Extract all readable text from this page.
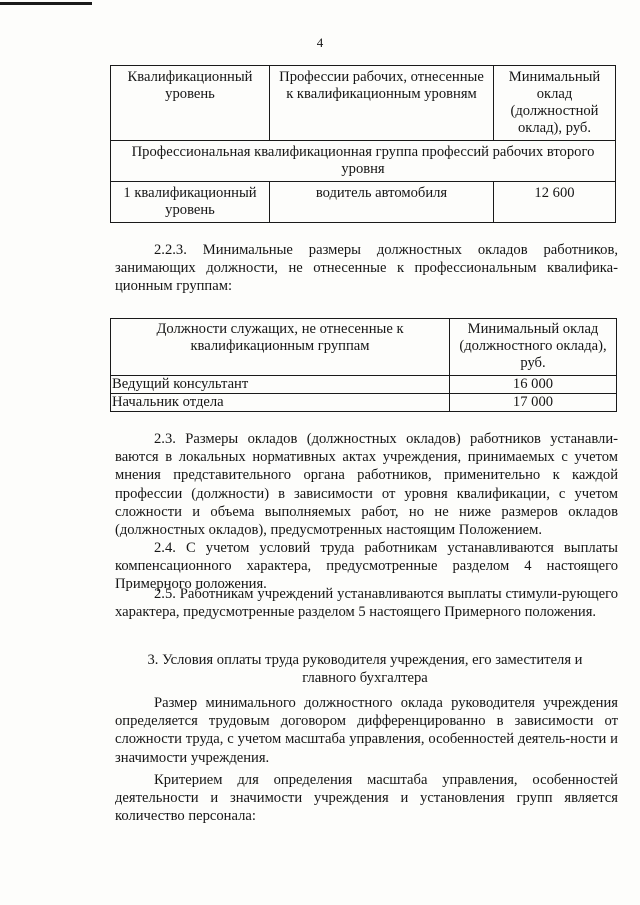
4
Квалификационный уровень	Профессии рабочих, отнесенные к квалификационным уровням	Минимальный оклад (должностной оклад), руб.
Профессиональная квалификационная группа профессий рабочих второго уровня		
1 квалификационный уровень	водитель автомобиля	12 600

2.2.3. Минимальные размеры должностных окладов работников, занимающих должности, не отнесенные к профессиональным квалифика-ционным группам:

Должности служащих, не отнесенные к квалификационным группам	Минимальный оклад (должностного оклада), руб.
Ведущий консультант	16 000
Начальник отдела	17 000

2.3. Размеры окладов (должностных окладов) работников устанавли-ваются в локальных нормативных актах учреждения, принимаемых с учетом мнения представительного органа работников, применительно к каждой профессии (должности) в зависимости от уровня квалификации, с учетом сложности и объема выполняемых работ, но не ниже размеров окладов (должностных окладов), предусмотренных настоящим Положением.

2.4. С учетом условий труда работникам устанавливаются выплаты компенсационного характера, предусмотренные разделом 4 настоящего Примерного положения.

2.5. Работникам учреждений устанавливаются выплаты стимули-рующего характера, предусмотренные разделом 5 настоящего Примерного положения.

3. Условия оплаты труда руководителя учреждения, его заместителя и главного бухгалтера

Размер минимального должностного оклада руководителя учреждения определяется трудовым договором дифференцированно в зависимости от сложности труда, с учетом масштаба управления, особенностей деятель-ности и значимости учреждения.

Критерием для определения масштаба управления, особенностей деятельности и значимости учреждения и установления групп является количество персонала:
